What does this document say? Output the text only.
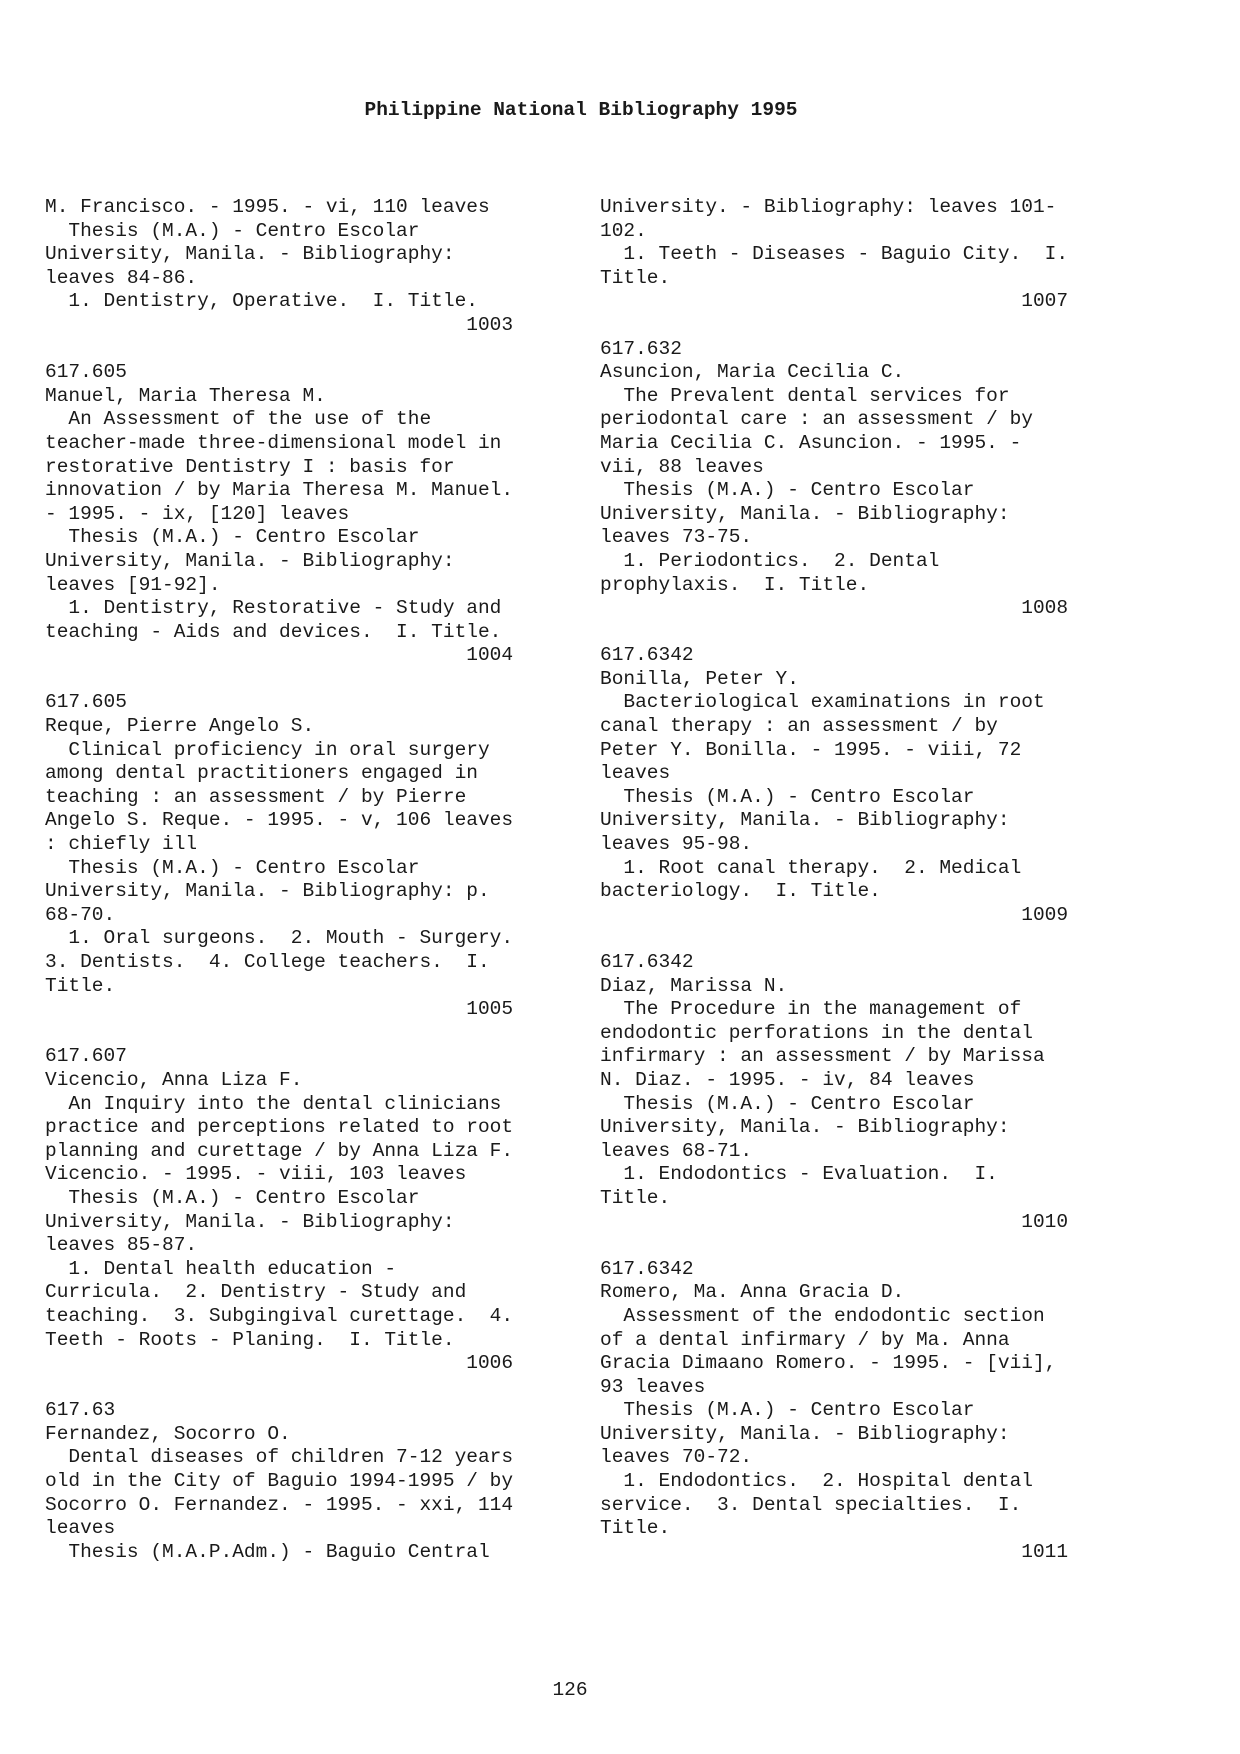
Philippine National Bibliography 1995
M. Francisco. - 1995. - vi, 110 leaves
Thesis (M.A.) - Centro Escolar
University, Manila. - Bibliography:
leaves 84-86.
1. Dentistry, Operative.  I. Title.
1003
617.605
Manuel, Maria Theresa M.
An Assessment of the use of the
teacher-made three-dimensional model in
restorative Dentistry I : basis for
innovation / by Maria Theresa M. Manuel.
- 1995. - ix, [120] leaves
Thesis (M.A.) - Centro Escolar
University, Manila. - Bibliography:
leaves [91-92].
1. Dentistry, Restorative - Study and
teaching - Aids and devices.  I. Title.
1004
617.605
Reque, Pierre Angelo S.
Clinical proficiency in oral surgery
among dental practitioners engaged in
teaching : an assessment / by Pierre
Angelo S. Reque. - 1995. - v, 106 leaves
: chiefly ill
Thesis (M.A.) - Centro Escolar
University, Manila. - Bibliography: p.
68-70.
1. Oral surgeons.  2. Mouth - Surgery.
3. Dentists.  4. College teachers.  I.
Title.
1005
617.607
Vicencio, Anna Liza F.
An Inquiry into the dental clinicians
practice and perceptions related to root
planning and curettage / by Anna Liza F.
Vicencio. - 1995. - viii, 103 leaves
Thesis (M.A.) - Centro Escolar
University, Manila. - Bibliography:
leaves 85-87.
1. Dental health education -
Curricula.  2. Dentistry - Study and
teaching.  3. Subgingival curettage.  4.
Teeth - Roots - Planing.  I. Title.
1006
617.63
Fernandez, Socorro O.
Dental diseases of children 7-12 years
old in the City of Baguio 1994-1995 / by
Socorro O. Fernandez. - 1995. - xxi, 114
leaves
Thesis (M.A.P.Adm.) - Baguio Central
University. - Bibliography: leaves 101-
102.
1. Teeth - Diseases - Baguio City.  I.
Title.
1007
617.632
Asuncion, Maria Cecilia C.
The Prevalent dental services for
periodontal care : an assessment / by
Maria Cecilia C. Asuncion. - 1995. -
vii, 88 leaves
Thesis (M.A.) - Centro Escolar
University, Manila. - Bibliography:
leaves 73-75.
1. Periodontics.  2. Dental
prophylaxis.  I. Title.
1008
617.6342
Bonilla, Peter Y.
Bacteriological examinations in root
canal therapy : an assessment / by
Peter Y. Bonilla. - 1995. - viii, 72
leaves
Thesis (M.A.) - Centro Escolar
University, Manila. - Bibliography:
leaves 95-98.
1. Root canal therapy.  2. Medical
bacteriology.  I. Title.
1009
617.6342
Diaz, Marissa N.
The Procedure in the management of
endodontic perforations in the dental
infirmary : an assessment / by Marissa
N. Diaz. - 1995. - iv, 84 leaves
Thesis (M.A.) - Centro Escolar
University, Manila. - Bibliography:
leaves 68-71.
1. Endodontics - Evaluation.  I.
Title.
1010
617.6342
Romero, Ma. Anna Gracia D.
Assessment of the endodontic section
of a dental infirmary / by Ma. Anna
Gracia Dimaano Romero. - 1995. - [vii],
93 leaves
Thesis (M.A.) - Centro Escolar
University, Manila. - Bibliography:
leaves 70-72.
1. Endodontics.  2. Hospital dental
service.  3. Dental specialties.  I.
Title.
1011
126
